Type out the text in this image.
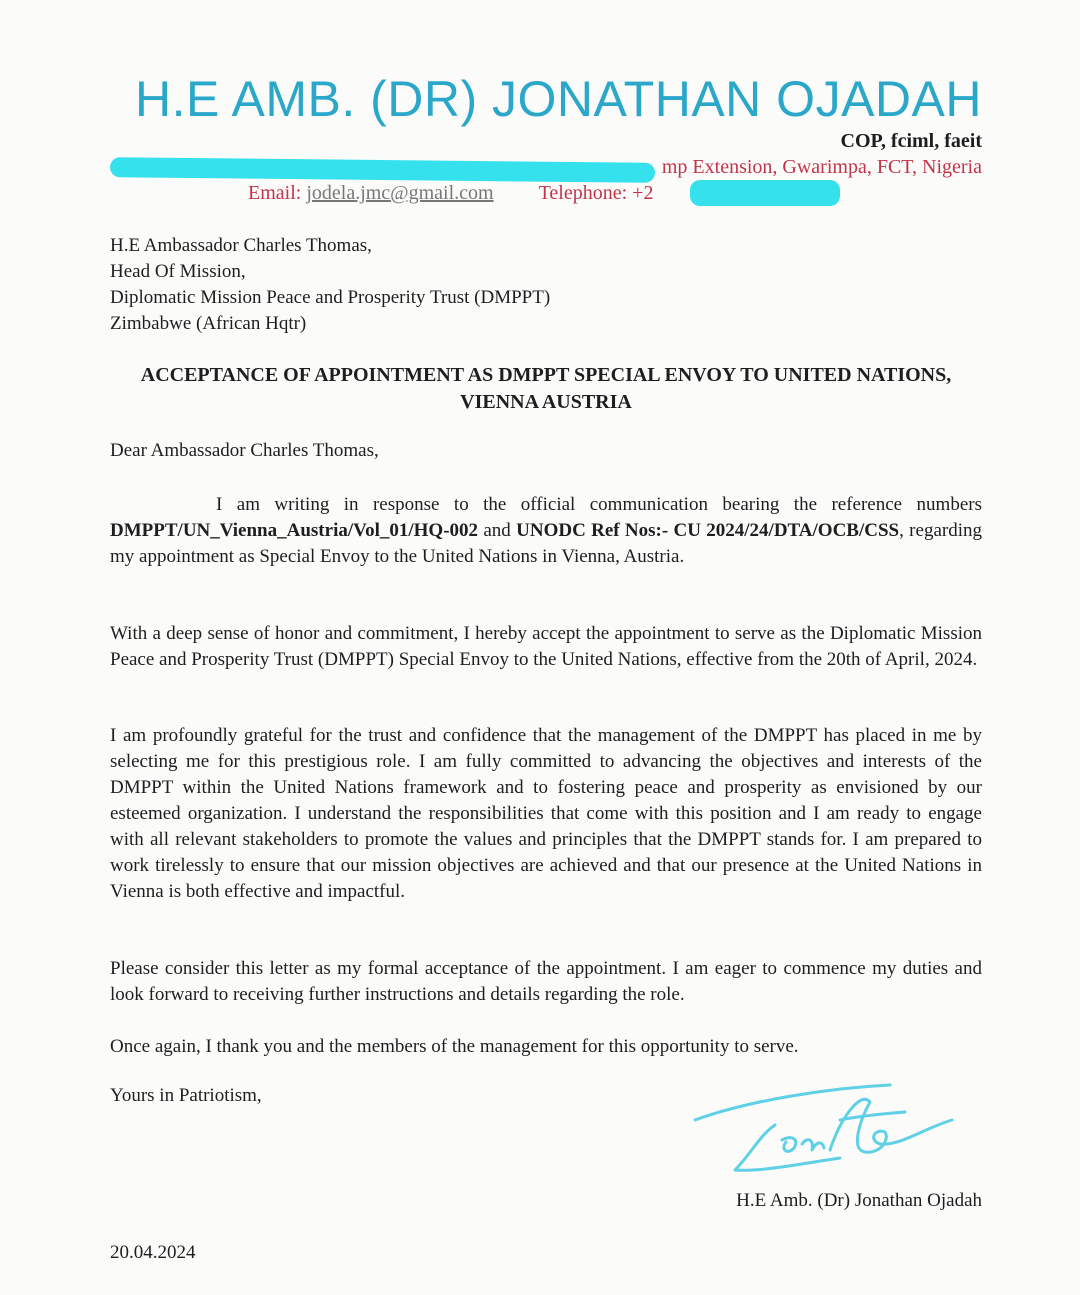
H.E AMB. (DR) JONATHAN OJADAH
COP, fciml, faeit
mp Extension, Gwarimpa, FCT, Nigeria
Email: jodela.jmc@gmail.com Telephone: +2
H.E Ambassador Charles Thomas,
Head Of Mission,
Diplomatic Mission Peace and Prosperity Trust (DMPPT)
Zimbabwe (African Hqtr)
ACCEPTANCE OF APPOINTMENT AS DMPPT SPECIAL ENVOY TO UNITED NATIONS, VIENNA AUSTRIA
Dear Ambassador Charles Thomas,
I am writing in response to the official communication bearing the reference numbers DMPPT/UN_Vienna_Austria/Vol_01/HQ-002 and UNODC Ref Nos:- CU 2024/24/DTA/OCB/CSS, regarding my appointment as Special Envoy to the United Nations in Vienna, Austria.
With a deep sense of honor and commitment, I hereby accept the appointment to serve as the Diplomatic Mission Peace and Prosperity Trust (DMPPT) Special Envoy to the United Nations, effective from the 20th of April, 2024.
I am profoundly grateful for the trust and confidence that the management of the DMPPT has placed in me by selecting me for this prestigious role. I am fully committed to advancing the objectives and interests of the DMPPT within the United Nations framework and to fostering peace and prosperity as envisioned by our esteemed organization. I understand the responsibilities that come with this position and I am ready to engage with all relevant stakeholders to promote the values and principles that the DMPPT stands for. I am prepared to work tirelessly to ensure that our mission objectives are achieved and that our presence at the United Nations in Vienna is both effective and impactful.
Please consider this letter as my formal acceptance of the appointment. I am eager to commence my duties and look forward to receiving further instructions and details regarding the role.
Once again, I thank you and the members of the management for this opportunity to serve.
Yours in Patriotism,
H.E Amb. (Dr) Jonathan Ojadah
20.04.2024
